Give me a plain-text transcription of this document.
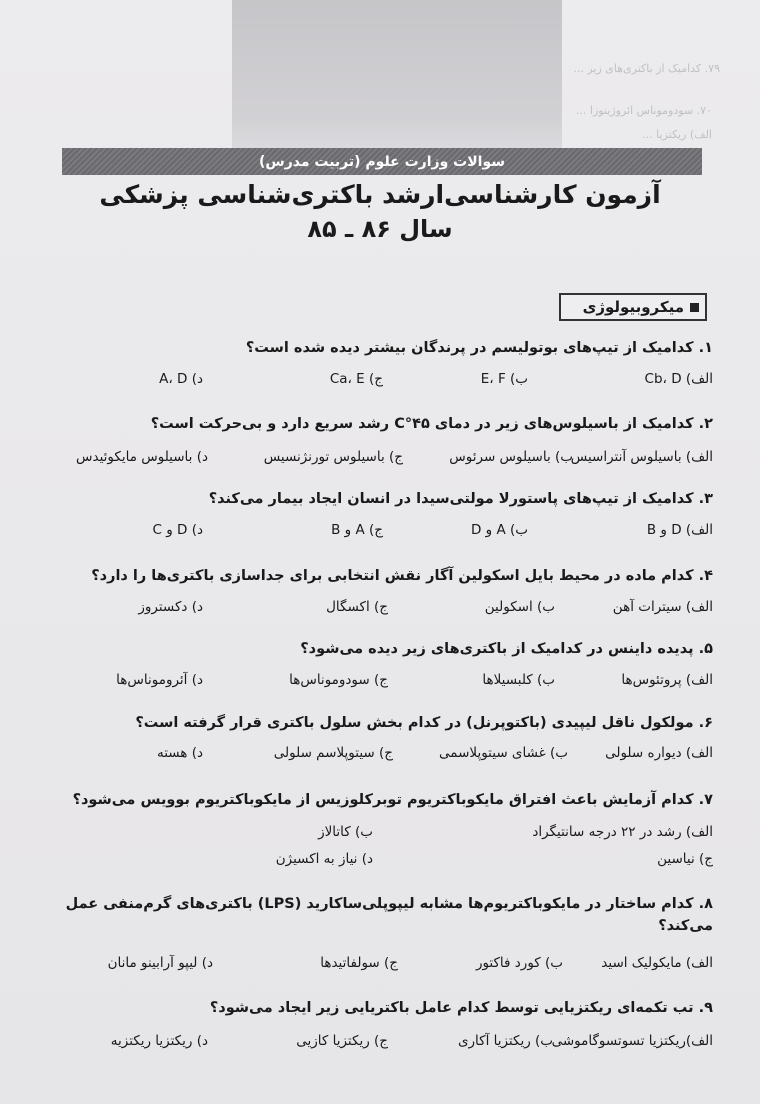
۷۹. کدامیک از باکتری‌های زیر ...
۷۰. سودوموناس ائروژینوزا ...
الف) ریکتزیا ...
سوالات وزارت علوم (تربیت مدرس)
آزمون کارشناسی‌ارشد باکتری‌شناسی پزشکی
سال ۸۶ ـ ۸۵
میکروبیولوژی
۱. کدامیک از تیپ‌های بوتولیسم در پرندگان بیشتر دیده شده است؟
الف) C‌b، D
ب) E، F
ج) C‌a، E
د) A، D
۲. کدامیک از باسیلوس‌های زیر در دمای ۴۵°C رشد سریع دارد و بی‌حرکت است؟
الف) باسیلوس آنتراسیس
ب) باسیلوس سرئوس
ج) باسیلوس تورنژنسیس
د) باسیلوس مایکوئیدس
۳. کدامیک از تیپ‌های پاستورلا مولتی‌سیدا در انسان ایجاد بیمار می‌کند؟
الف) D و B
ب) A و D
ج) A و B
د) D و C
۴. کدام ماده در محیط بایل اسکولین آگار نقش انتخابی برای جداسازی باکتری‌ها را دارد؟
الف) سیترات آهن
ب) اسکولین
ج) اکسگال
د) دکستروز
۵. پدیده داینس در کدامیک از باکتری‌های زیر دیده می‌شود؟
الف) پروتئوس‌ها
ب) کلبسیلاها
ج) سودوموناس‌ها
د) آئروموناس‌ها
۶. مولکول ناقل لیپیدی (باکتوپرنل) در کدام بخش سلول باکتری قرار گرفته است؟
الف) دیواره سلولی
ب) غشای سیتوپلاسمی
ج) سیتوپلاسم سلولی
د) هسته
۷. کدام آزمایش باعث افتراق مایکوباکتریوم توبرکلوزیس از مایکوباکتریوم بوویس می‌شود؟
الف) رشد در ۲۲ درجه سانتیگراد
ب) کاتالاز
ج) نیاسین
د) نیاز به اکسیژن
۸. کدام ساختار در مایکوباکتریوم‌ها مشابه لیپوپلی‌ساکارید (LPS) باکتری‌های گرم‌منفی عمل می‌کند؟
الف) مایکولیک اسید
ب) کورد فاکتور
ج) سولفاتیدها
د) لیپو آرابینو مانان
۹. تب تکمه‌ای ریکتزیایی توسط کدام عامل باکتریایی زیر ایجاد می‌شود؟
الف)ریکتزیا تسوتسوگاموشی
ب) ریکتزیا آکاری
ج) ریکتزیا کازیی
د) ریکتزیا ریکتزیه
